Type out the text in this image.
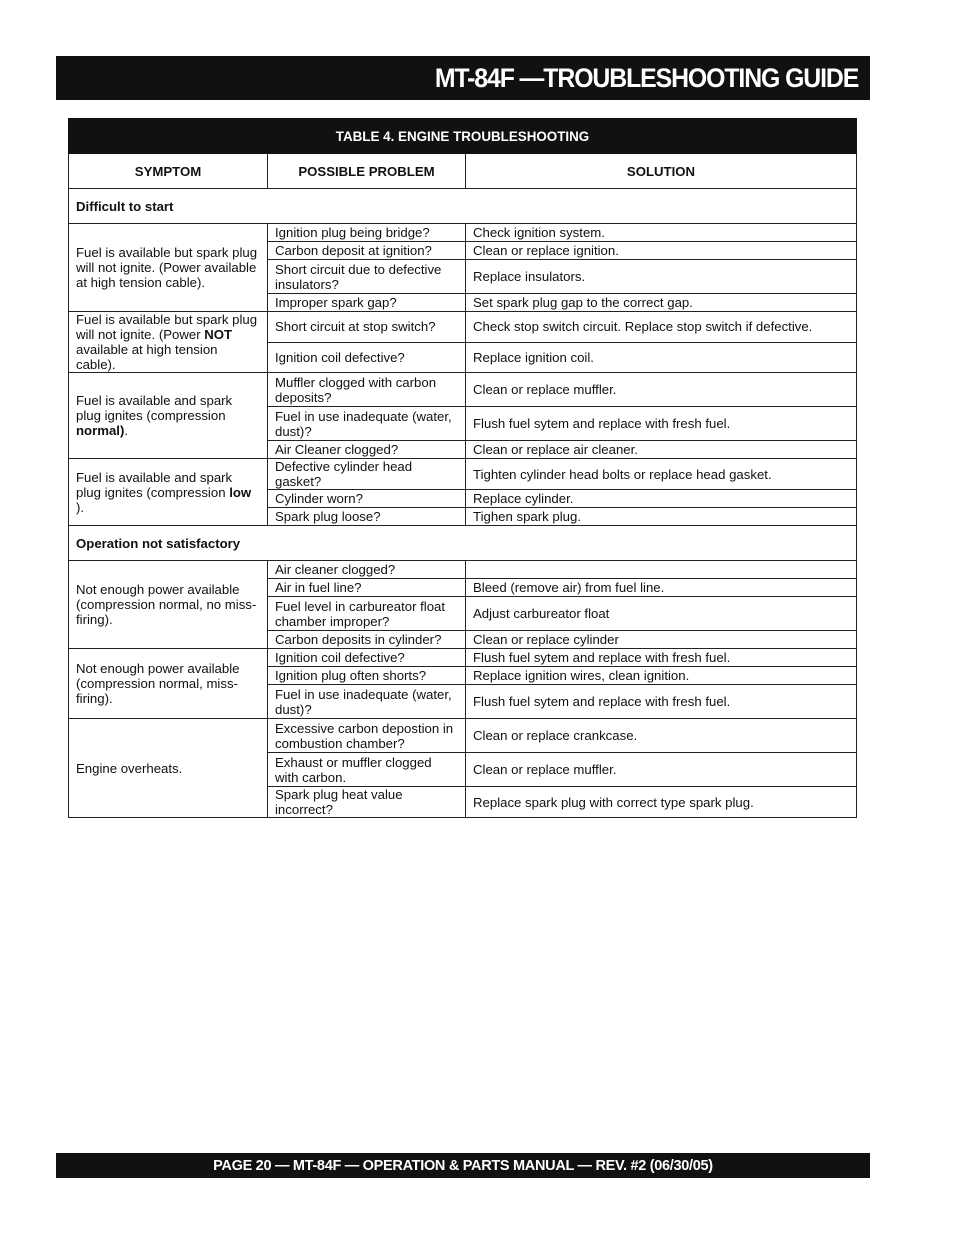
MT-84F —TROUBLESHOOTING GUIDE
TABLE 4. ENGINE TROUBLESHOOTING		
SYMPTOM	POSSIBLE PROBLEM	SOLUTION
Difficult to start		
Fuel is available but spark plug will not ignite. (Power available at high tension cable).	Ignition plug being bridge?	Check ignition system.
	Carbon deposit at ignition?	Clean or replace ignition.
	Short circuit due to defective insulators?	Replace insulators.
	Improper spark gap?	Set spark plug gap to the correct gap.
Fuel is available but spark plug will not ignite. (Power NOT available at high tension cable).	Short circuit at stop switch?	Check stop switch circuit. Replace stop switch if defective.
	Ignition coil defective?	Replace ignition coil.
Fuel is available and spark plug ignites (compression normal).	Muffler clogged with carbon deposits?	Clean or replace muffler.
	Fuel in use inadequate (water, dust)?	Flush fuel sytem and replace with fresh fuel.
	Air Cleaner clogged?	Clean or replace air cleaner.
Fuel is available and spark plug ignites (compression low ).	Defective cylinder head gasket?	Tighten cylinder head bolts or replace head gasket.
	Cylinder worn?	Replace cylinder.
	Spark plug loose?	Tighen spark plug.
Operation not satisfactory		
Not enough power available (compression normal, no miss-firing).	Air cleaner clogged?	
	Air in fuel line?	Bleed (remove air) from fuel line.
	Fuel level in carbureator float chamber improper?	Adjust carbureator float
	Carbon deposits in cylinder?	Clean or replace cylinder
Not enough power available (compression normal, miss-firing).	Ignition coil defective?	Flush fuel sytem and replace with fresh fuel.
	Ignition plug often shorts?	Replace ignition wires, clean ignition.
	Fuel in use inadequate (water, dust)?	Flush fuel sytem and replace with fresh fuel.
Engine overheats.	Excessive carbon depostion in combustion chamber?	Clean or replace crankcase.
	Exhaust or muffler clogged with carbon.	Clean or replace muffler.
	Spark plug heat value incorrect?	Replace spark plug with correct type spark plug.
PAGE 20 — MT-84F — OPERATION & PARTS MANUAL — REV. #2 (06/30/05)
